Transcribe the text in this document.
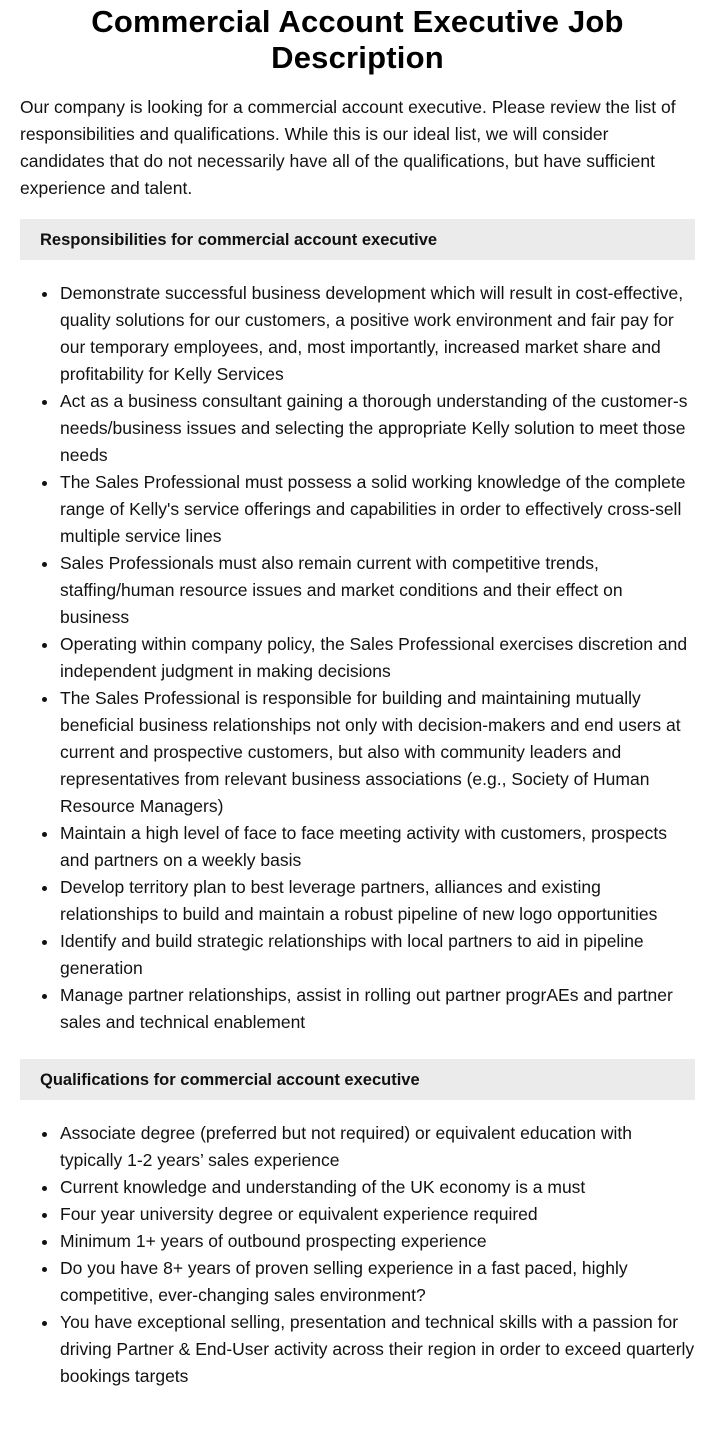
Commercial Account Executive Job Description

Our company is looking for a commercial account executive. Please review the list of responsibilities and qualifications. While this is our ideal list, we will consider candidates that do not necessarily have all of the qualifications, but have sufficient experience and talent.

Responsibilities for commercial account executive
Demonstrate successful business development which will result in cost-effective, quality solutions for our customers, a positive work environment and fair pay for our temporary employees, and, most importantly, increased market share and profitability for Kelly Services
Act as a business consultant gaining a thorough understanding of the customer-s needs/business issues and selecting the appropriate Kelly solution to meet those needs
The Sales Professional must possess a solid working knowledge of the complete range of Kelly's service offerings and capabilities in order to effectively cross-sell multiple service lines
Sales Professionals must also remain current with competitive trends, staffing/human resource issues and market conditions and their effect on business
Operating within company policy, the Sales Professional exercises discretion and independent judgment in making decisions
The Sales Professional is responsible for building and maintaining mutually beneficial business relationships not only with decision-makers and end users at current and prospective customers, but also with community leaders and representatives from relevant business associations (e.g., Society of Human Resource Managers)
Maintain a high level of face to face meeting activity with customers, prospects and partners on a weekly basis
Develop territory plan to best leverage partners, alliances and existing relationships to build and maintain a robust pipeline of new logo opportunities
Identify and build strategic relationships with local partners to aid in pipeline generation
Manage partner relationships, assist in rolling out partner progrAEs and partner sales and technical enablement
Qualifications for commercial account executive
Associate degree (preferred but not required) or equivalent education with typically 1-2 years’ sales experience
Current knowledge and understanding of the UK economy is a must
Four year university degree or equivalent experience required
Minimum 1+ years of outbound prospecting experience
Do you have 8+ years of proven selling experience in a fast paced, highly competitive, ever-changing sales environment?
You have exceptional selling, presentation and technical skills with a passion for driving Partner & End-User activity across their region in order to exceed quarterly bookings targets
